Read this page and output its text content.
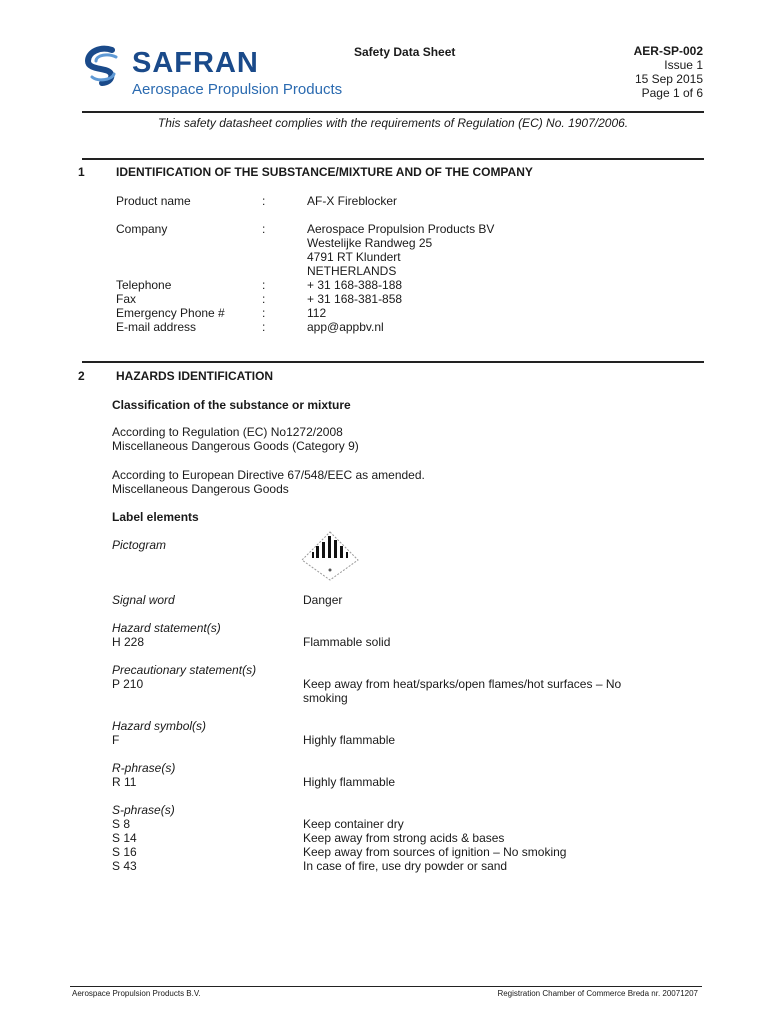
SAFRAN
Aerospace Propulsion Products
Safety Data Sheet	AER-SP-002
Issue 1
15 Sep 2015
Page 1 of 6
This safety datasheet complies with the requirements of Regulation (EC) No. 1907/2006.
1	IDENTIFICATION OF THE SUBSTANCE/MIXTURE AND OF THE COMPANY
Product name	:	AF-X Fireblocker
Company	:	Aerospace Propulsion Products BV
Westelijke Randweg 25
4791 RT Klundert
NETHERLANDS
Telephone	:	+ 31 168-388-188
Fax	:	+ 31 168-381-858
Emergency Phone #	:	112
E-mail address	:	app@appbv.nl
2	HAZARDS IDENTIFICATION
Classification of the substance or mixture
According to Regulation (EC) No1272/2008
Miscellaneous Dangerous Goods (Category 9)
According to European Directive 67/548/EEC as amended.
Miscellaneous Dangerous Goods
Label elements
Pictogram
Signal word	Danger
Hazard statement(s)
H 228	Flammable solid
Precautionary statement(s)
P 210	Keep away from heat/sparks/open flames/hot surfaces – No
smoking
Hazard symbol(s)
F	Highly flammable
R-phrase(s)
R 11	Highly flammable
S-phrase(s)
S 8	Keep container dry
S 14	Keep away from strong acids & bases
S 16	Keep away from sources of ignition – No smoking
S 43	In case of fire, use dry powder or sand
Aerospace Propulsion Products B.V.	Registration Chamber of Commerce Breda nr. 20071207
